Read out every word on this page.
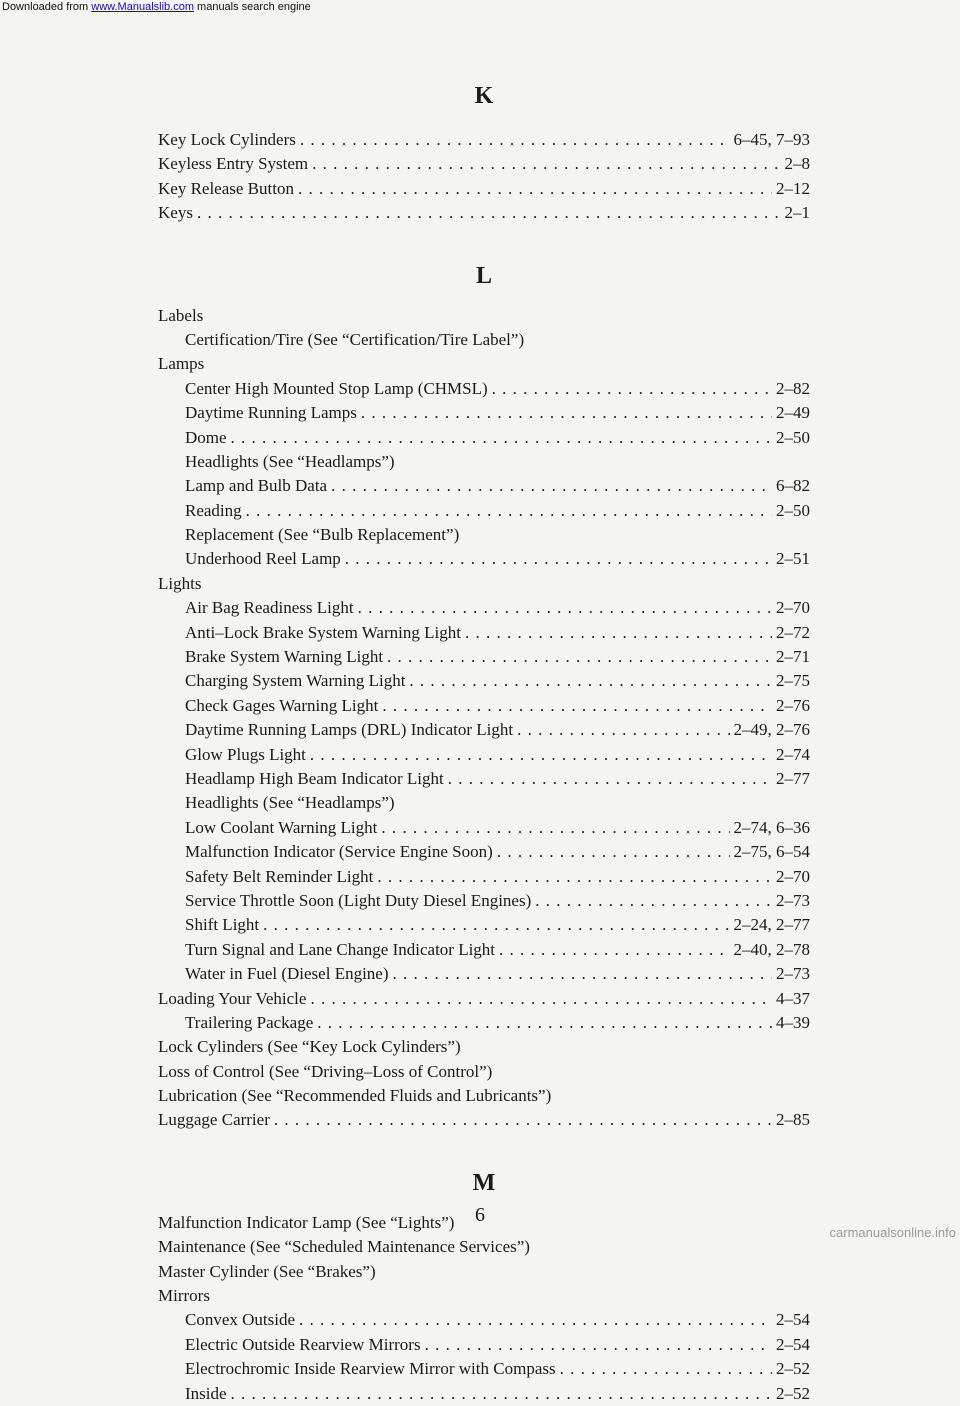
Downloaded from www.Manualslib.com manuals search engine
K
Key Lock Cylinders . . .	6–45, 7–93
Keyless Entry System . . .	2–8
Key Release Button . . .	2–12
Keys . . .	2–1
L
Labels
Certification/Tire (See “Certification/Tire Label”)
Lamps
Center High Mounted Stop Lamp (CHMSL) . . .	2–82
Daytime Running Lamps . . .	2–49
Dome . . .	2–50
Headlights (See “Headlamps”)
Lamp and Bulb Data . . .	6–82
Reading . . .	2–50
Replacement (See “Bulb Replacement”)
Underhood Reel Lamp . . .	2–51
Lights
Air Bag Readiness Light . . .	2–70
Anti–Lock Brake System Warning Light . . .	2–72
Brake System Warning Light . . .	2–71
Charging System Warning Light . . .	2–75
Check Gages Warning Light . . .	2–76
Daytime Running Lamps (DRL) Indicator Light . . .	2–49, 2–76
Glow Plugs Light . . .	2–74
Headlamp High Beam Indicator Light . . .	2–77
Headlights (See “Headlamps”)
Low Coolant Warning Light . . .	2–74, 6–36
Malfunction Indicator (Service Engine Soon) . . .	2–75, 6–54
Safety Belt Reminder Light . . .	2–70
Service Throttle Soon (Light Duty Diesel Engines) . . .	2–73
Shift Light . . .	2–24, 2–77
Turn Signal and Lane Change Indicator Light . . .	2–40, 2–78
Water in Fuel (Diesel Engine) . . .	2–73
Loading Your Vehicle . . .	4–37
Trailering Package . . .	4–39
Lock Cylinders (See “Key Lock Cylinders”)
Loss of Control (See “Driving–Loss of Control”)
Lubrication (See “Recommended Fluids and Lubricants”)
Luggage Carrier . . .	2–85
M
Malfunction Indicator Lamp (See “Lights”)
Maintenance (See “Scheduled Maintenance Services”)
Master Cylinder (See “Brakes”)
Mirrors
Convex Outside . . .	2–54
Electric Outside Rearview Mirrors . . .	2–54
Electrochromic Inside Rearview Mirror with Compass . . .	2–52
Inside . . .	2–52
6
carmanualsonline.info
